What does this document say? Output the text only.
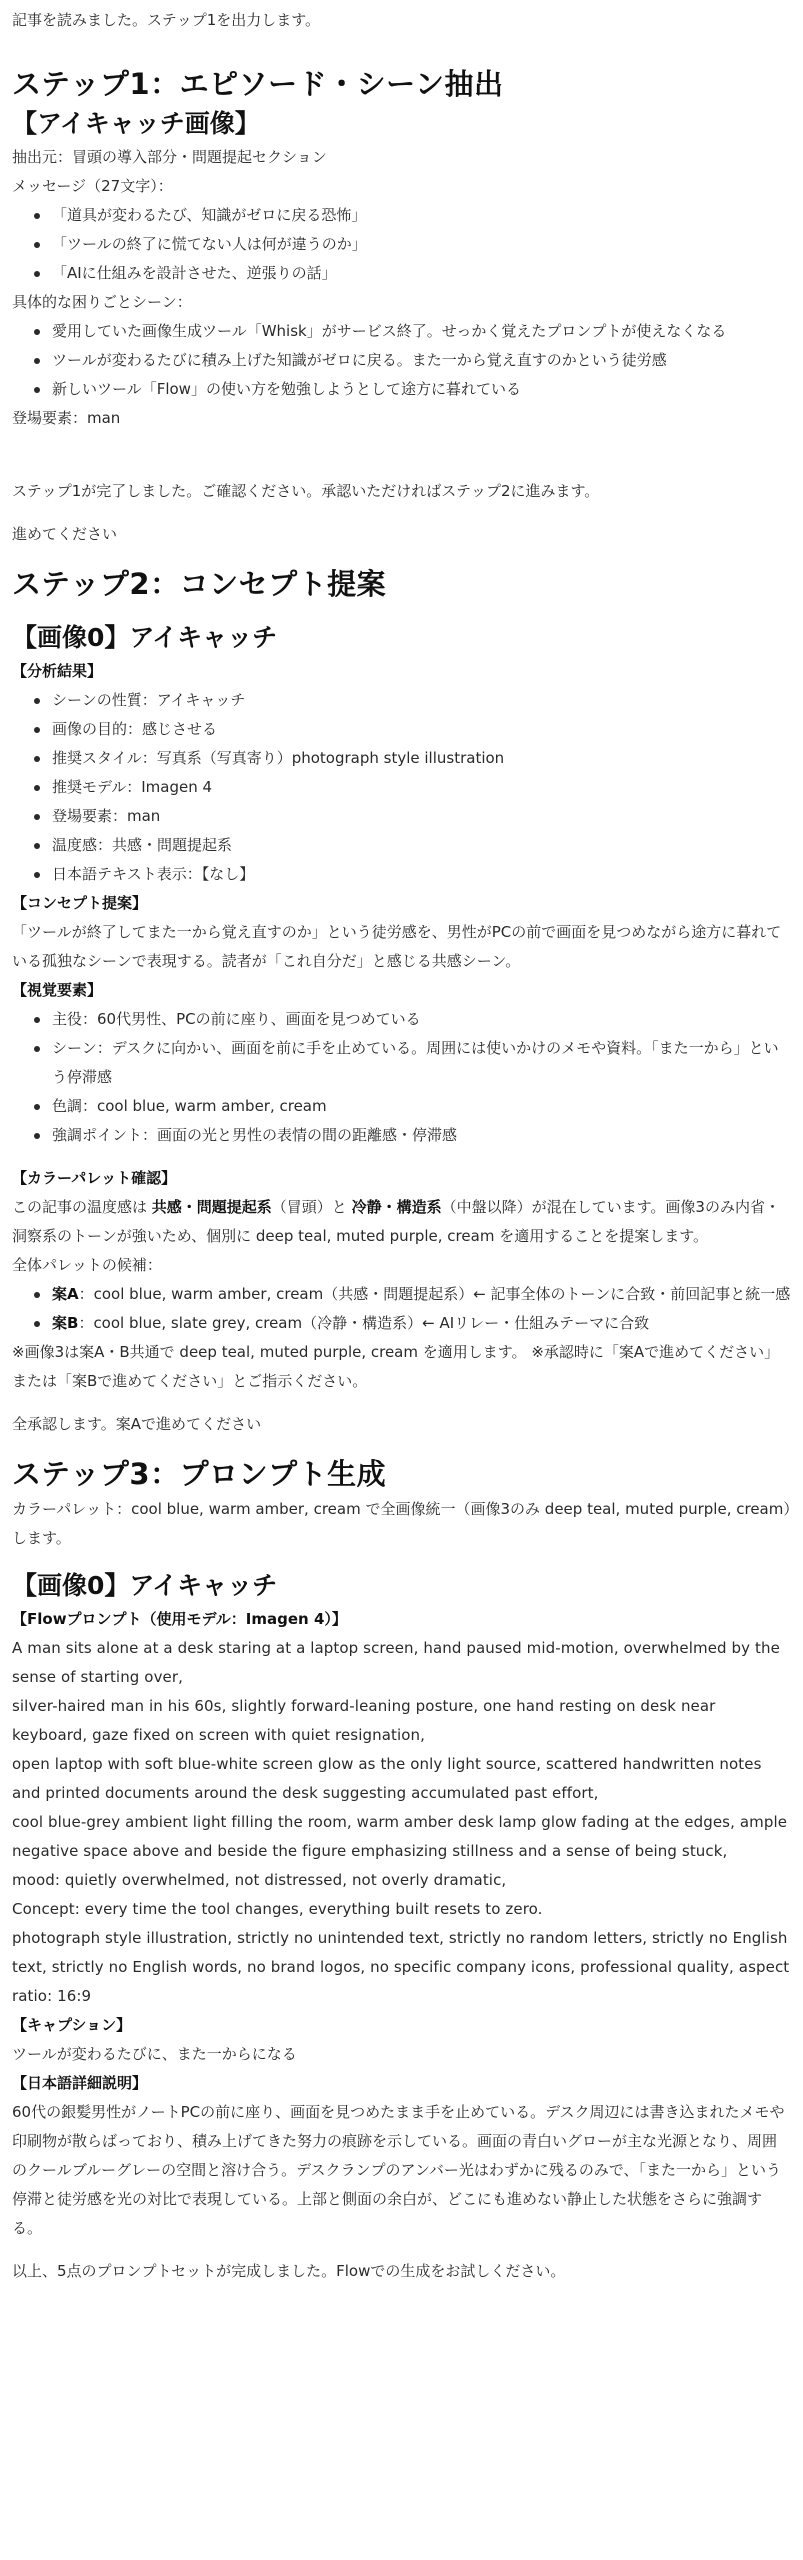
記事を読みました。ステップ1を出力します。

ステップ1：エピソード・シーン抽出
【アイキャッチ画像】

抽出元：冒頭の導入部分・問題提起セクション

メッセージ（27文字）：

「道具が変わるたび、知識がゼロに戻る恐怖」
「ツールの終了に慌てない人は何が違うのか」
「AIに仕組みを設計させた、逆張りの話」

具体的な困りごとシーン：

愛用していた画像生成ツール「Whisk」がサービス終了。せっかく覚えたプロンプトが使えなくなる
ツールが変わるたびに積み上げた知識がゼロに戻る。また一から覚え直すのかという徒労感
新しいツール「Flow」の使い方を勉強しようとして途方に暮れている

登場要素：man

ステップ1が完了しました。ご確認ください。承認いただければステップ2に進みます。

進めてください

ステップ2：コンセプト提案
【画像0】アイキャッチ

【分析結果】

シーンの性質：アイキャッチ
画像の目的：感じさせる
推奨スタイル：写真系（写真寄り）photograph style illustration
推奨モデル：Imagen 4
登場要素：man
温度感：共感・問題提起系
日本語テキスト表示：【なし】

【コンセプト提案】

「ツールが終了してまた一から覚え直すのか」という徒労感を、男性がPCの前で画面を見つめながら途方に暮れている孤独なシーンで表現する。読者が「これ自分だ」と感じる共感シーン。

【視覚要素】

主役：60代男性、PCの前に座り、画面を見つめている
シーン：デスクに向かい、画面を前に手を止めている。周囲には使いかけのメモや資料。「また一から」という停滞感
色調：cool blue, warm amber, cream
強調ポイント：画面の光と男性の表情の間の距離感・停滞感

【カラーパレット確認】

この記事の温度感は 共感・問題提起系（冒頭）と 冷静・構造系（中盤以降）が混在しています。画像3のみ内省・洞察系のトーンが強いため、個別に deep teal, muted purple, cream を適用することを提案します。

全体パレットの候補：

案A：cool blue, warm amber, cream（共感・問題提起系）← 記事全体のトーンに合致・前回記事と統一感
案B：cool blue, slate grey, cream（冷静・構造系）← AIリレー・仕組みテーマに合致

※画像3は案A・B共通で deep teal, muted purple, cream を適用します。 ※承認時に「案Aで進めてください」または「案Bで進めてください」とご指示ください。

全承認します。案Aで進めてください

ステップ3：プロンプト生成

カラーパレット：cool blue, warm amber, cream で全画像統一（画像3のみ deep teal, muted purple, cream）します。

【画像0】アイキャッチ

【Flowプロンプト（使用モデル：Imagen 4）】

A man sits alone at a desk staring at a laptop screen, hand paused mid-motion, overwhelmed by the sense of starting over,

silver-haired man in his 60s, slightly forward-leaning posture, one hand resting on desk near keyboard, gaze fixed on screen with quiet resignation,

open laptop with soft blue-white screen glow as the only light source, scattered handwritten notes and printed documents around the desk suggesting accumulated past effort,

cool blue-grey ambient light filling the room, warm amber desk lamp glow fading at the edges, ample negative space above and beside the figure emphasizing stillness and a sense of being stuck,

mood: quietly overwhelmed, not distressed, not overly dramatic,

Concept: every time the tool changes, everything built resets to zero.

photograph style illustration, strictly no unintended text, strictly no random letters, strictly no English text, strictly no English words, no brand logos, no specific company icons, professional quality, aspect ratio: 16:9

【キャプション】

ツールが変わるたびに、また一からになる

【日本語詳細説明】

60代の銀髪男性がノートPCの前に座り、画面を見つめたまま手を止めている。デスク周辺には書き込まれたメモや印刷物が散らばっており、積み上げてきた努力の痕跡を示している。画面の青白いグローが主な光源となり、周囲のクールブルーグレーの空間と溶け合う。デスクランプのアンバー光はわずかに残るのみで、「また一から」という停滞と徒労感を光の対比で表現している。上部と側面の余白が、どこにも進めない静止した状態をさらに強調する。

以上、5点のプロンプトセットが完成しました。Flowでの生成をお試しください。
